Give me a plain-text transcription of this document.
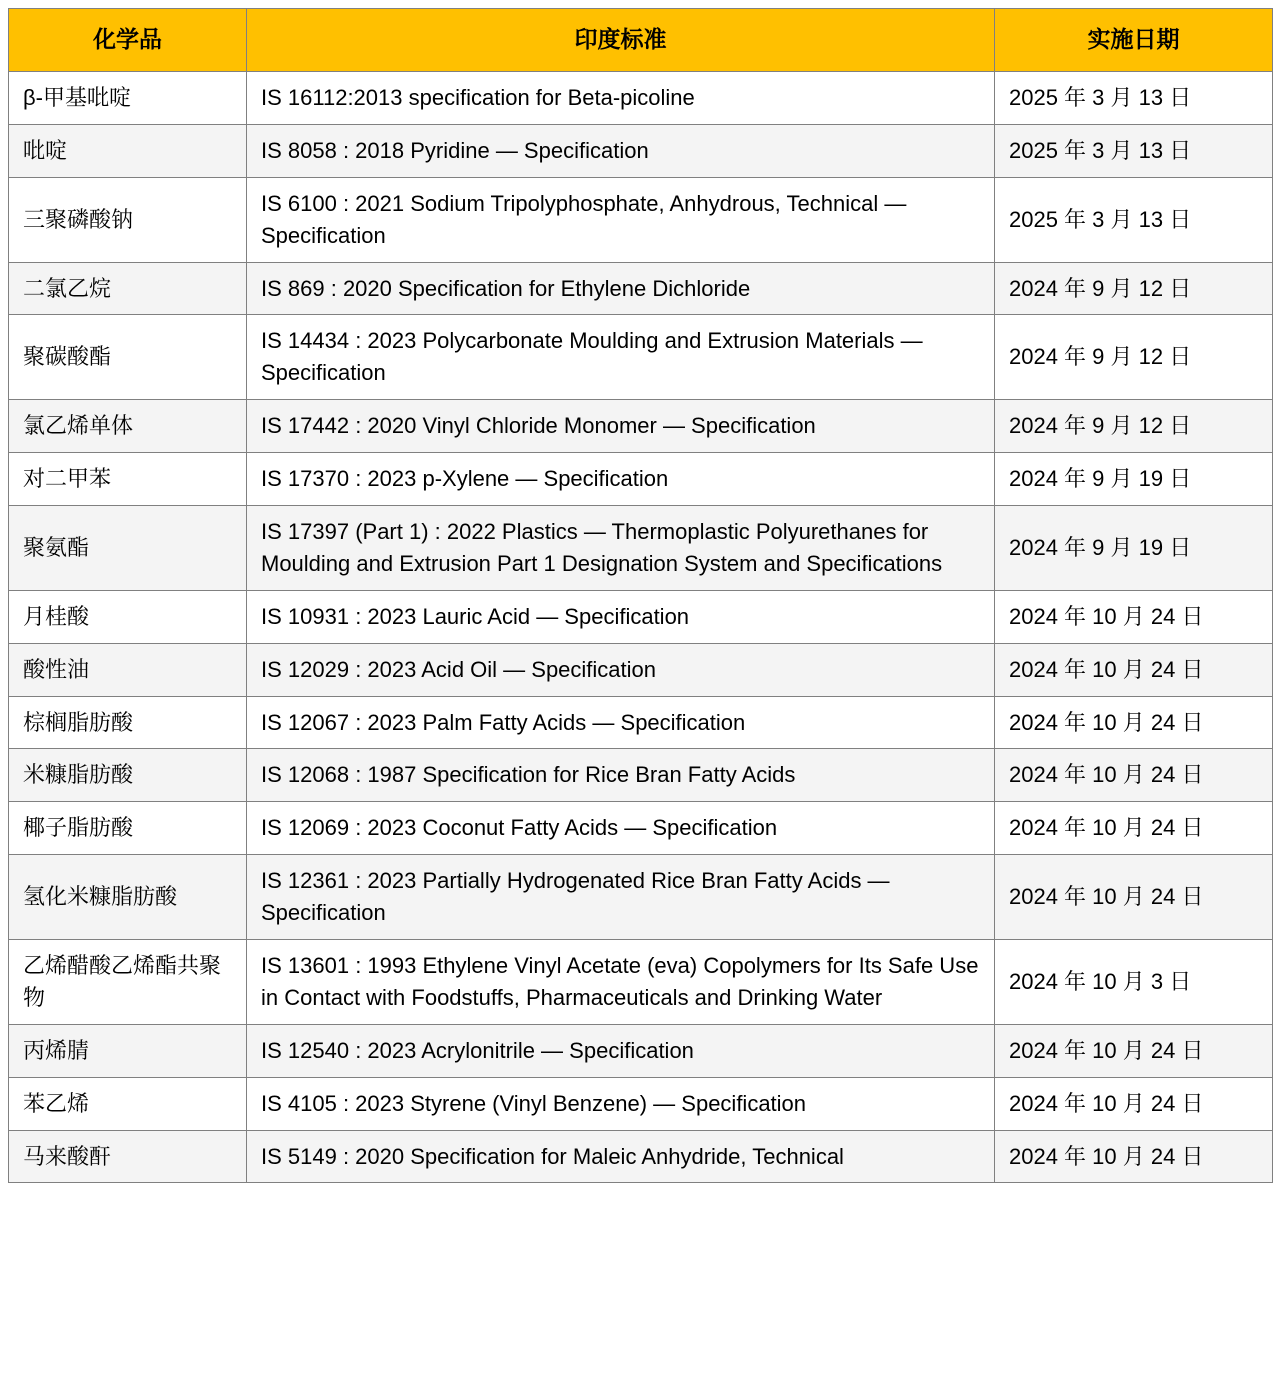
化学品	印度标准	实施日期
β-甲基吡啶	IS 16112:2013 specification for Beta-picoline	2025 年 3 月 13 日
吡啶	IS 8058 : 2018 Pyridine — Specification	2025 年 3 月 13 日
三聚磷酸钠	IS 6100 : 2021 Sodium Tripolyphosphate, Anhydrous, Technical — Specification	2025 年 3 月 13 日
二氯乙烷	IS 869 : 2020 Specification for Ethylene Dichloride	2024 年 9 月 12 日
聚碳酸酯	IS 14434 : 2023 Polycarbonate Moulding and Extrusion Materials — Specification	2024 年 9 月 12 日
氯乙烯单体	IS 17442 : 2020 Vinyl Chloride Monomer — Specification	2024 年 9 月 12 日
对二甲苯	IS 17370 : 2023 p-Xylene — Specification	2024 年 9 月 19 日
聚氨酯	IS 17397 (Part 1) : 2022 Plastics — Thermoplastic Polyurethanes for Moulding and Extrusion Part 1 Designation System and Specifications	2024 年 9 月 19 日
月桂酸	IS 10931 : 2023 Lauric Acid — Specification	2024 年 10 月 24 日
酸性油	IS 12029 : 2023 Acid Oil — Specification	2024 年 10 月 24 日
棕榈脂肪酸	IS 12067 : 2023 Palm Fatty Acids — Specification	2024 年 10 月 24 日
米糠脂肪酸	IS 12068 : 1987 Specification for Rice Bran Fatty Acids	2024 年 10 月 24 日
椰子脂肪酸	IS 12069 : 2023 Coconut Fatty Acids — Specification	2024 年 10 月 24 日
氢化米糠脂肪酸	IS 12361 : 2023 Partially Hydrogenated Rice Bran Fatty Acids — Specification	2024 年 10 月 24 日
乙烯醋酸乙烯酯共聚物	IS 13601 : 1993 Ethylene Vinyl Acetate (eva) Copolymers for Its Safe Use in Contact with Foodstuffs, Pharmaceuticals and Drinking Water	2024 年 10 月 3 日
丙烯腈	IS 12540 : 2023 Acrylonitrile — Specification	2024 年 10 月 24 日
苯乙烯	IS 4105 : 2023 Styrene (Vinyl Benzene) — Specification	2024 年 10 月 24 日
马来酸酐	IS 5149 : 2020 Specification for Maleic Anhydride, Technical	2024 年 10 月 24 日
